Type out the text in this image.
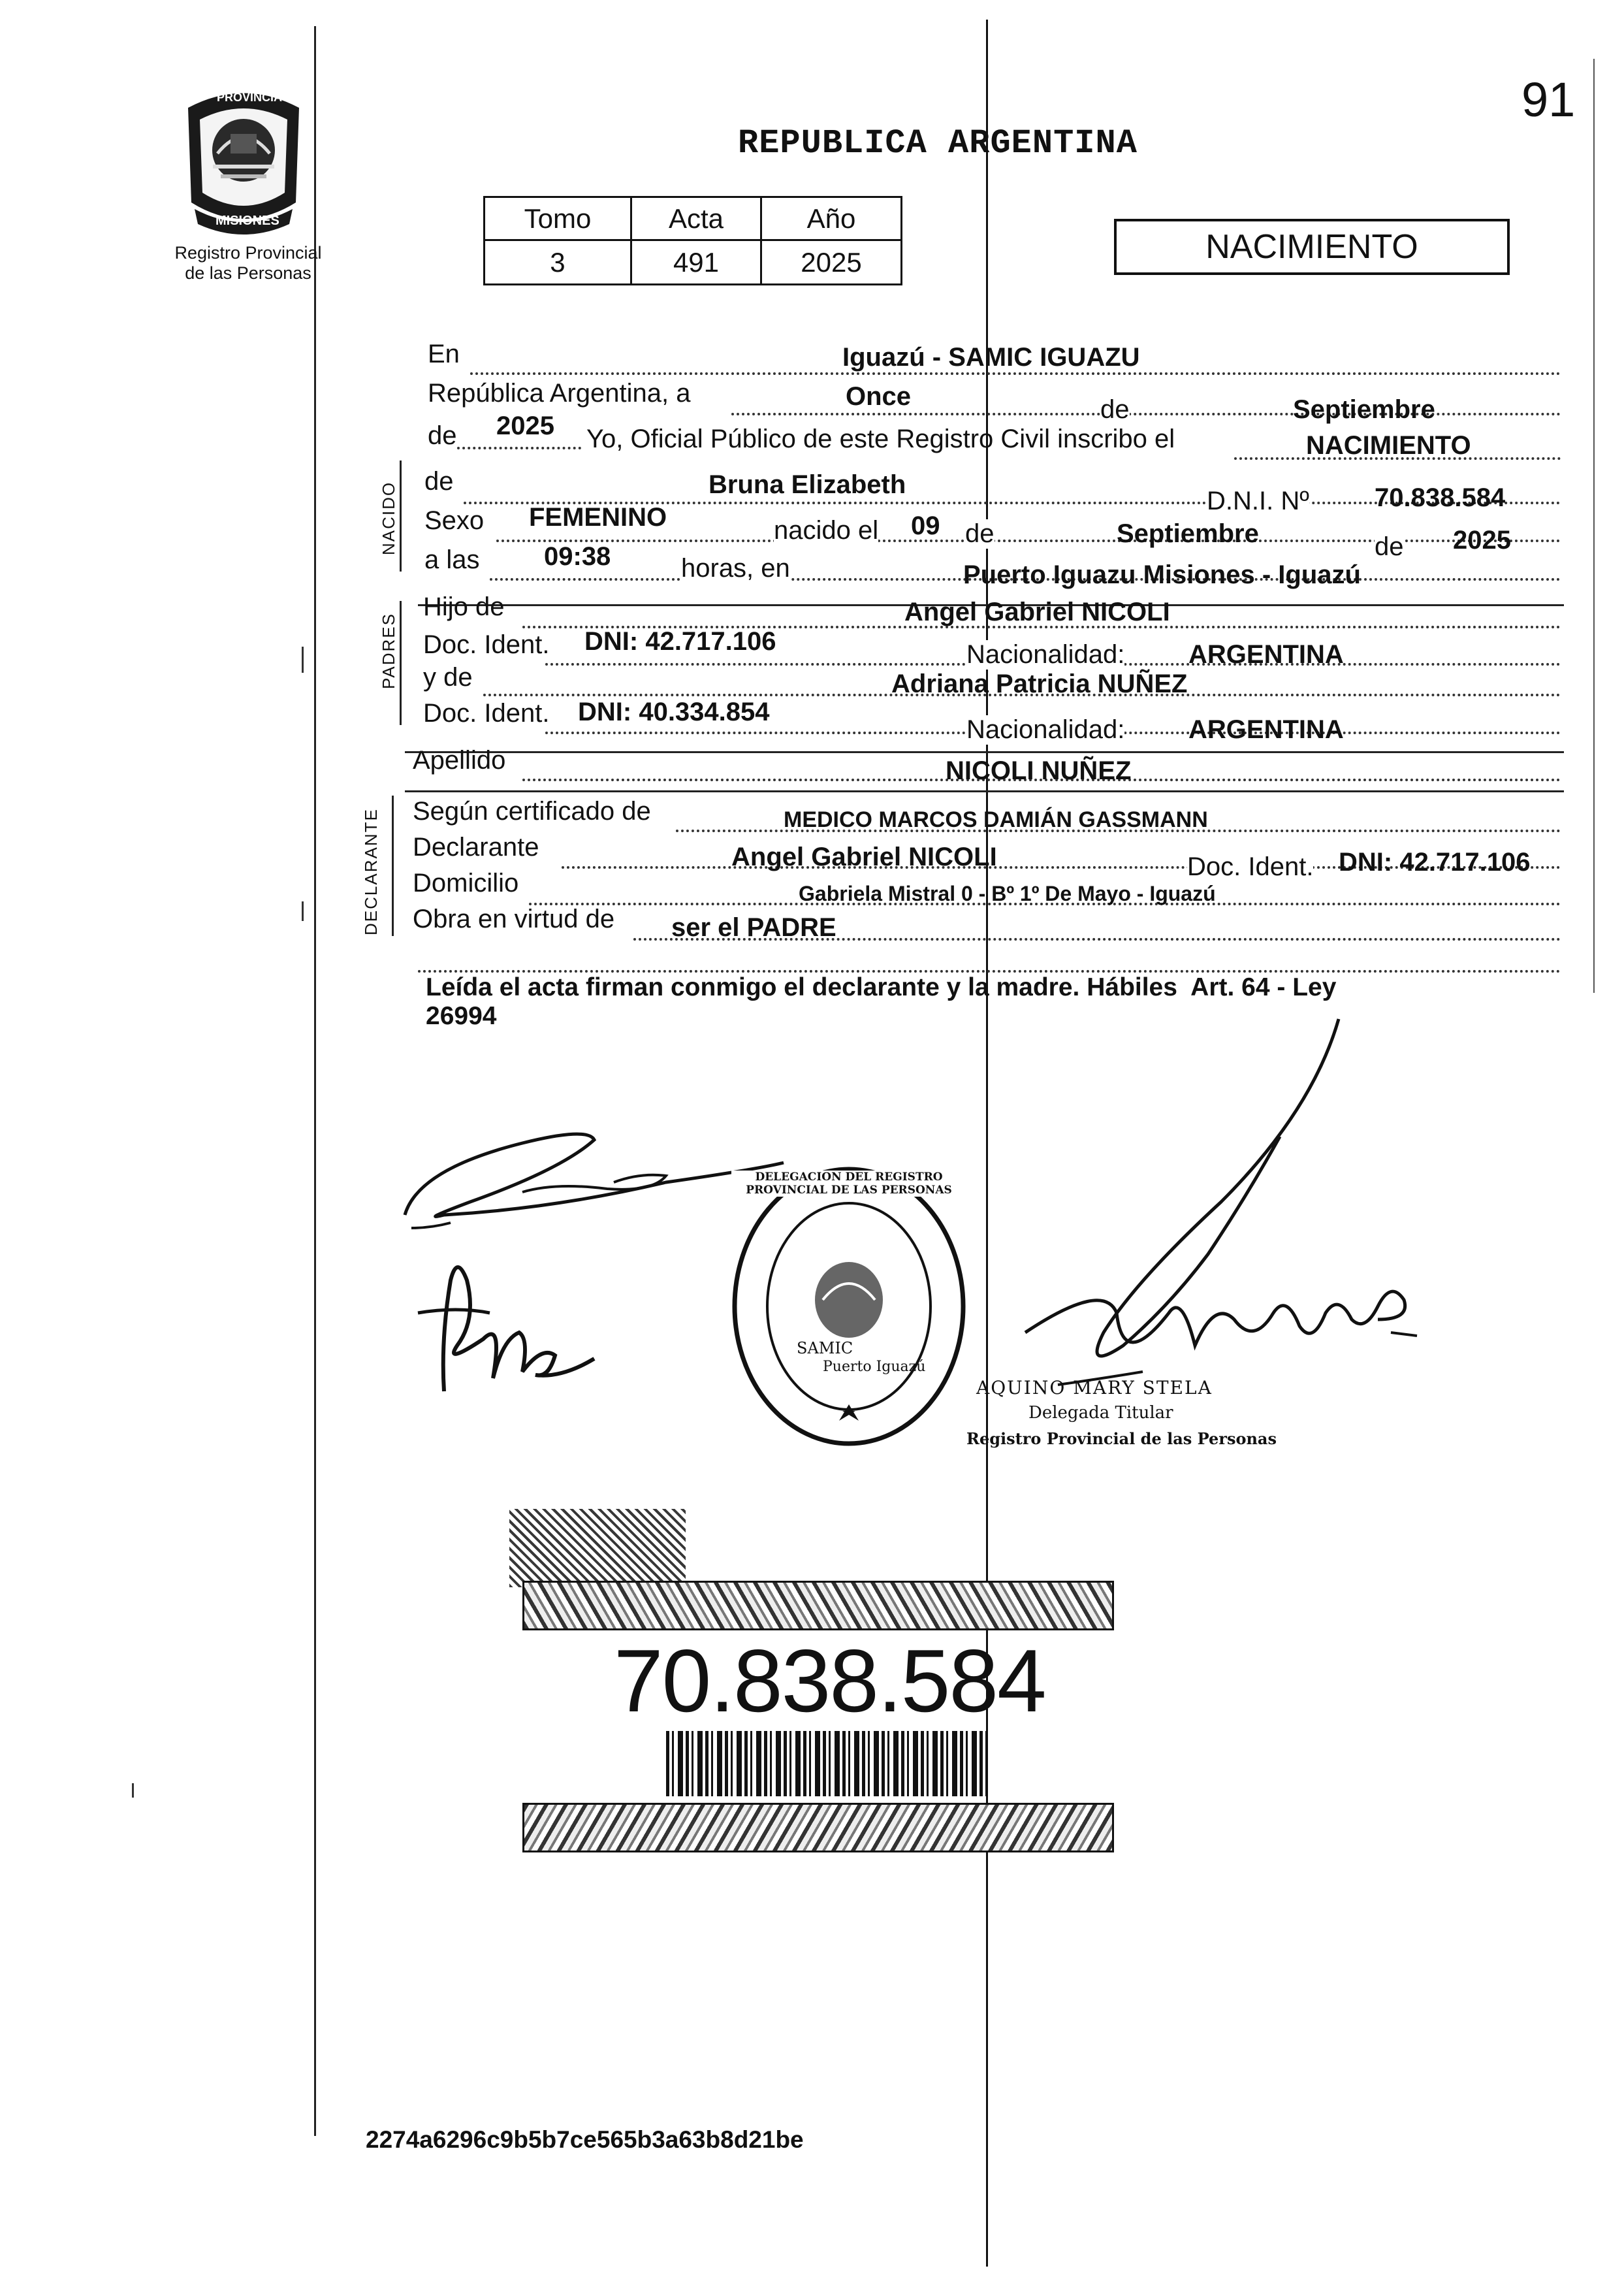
91
PROVINCIA DE
MISIONES
Registro Provincial
de las Personas
REPUBLICA ARGENTINA
Tomo	Acta	Año
3	491	2025	NACIMIENTO
En	Iguazú - SAMIC IGUAZU
República Argentina, a	Once	de	Septiembre
de 2025 Yo, Oficial Público de este Registro Civil inscribo el	NACIMIENTO
NACIDO de	Bruna Elizabeth
D.N.I. Nº	70.838.584
Sexo FEMENINO	nacido el 09 de	Septiembre	de 2025
a las 09:38	horas, en	Puerto Iguazu Misiones - Iguazú
PADRES
Hijo de	Angel Gabriel NICOLI
Doc. Ident. DNI: 42.717.106	Nacionalidad: ARGENTINA
y de	Adriana Patricia NUÑEZ
Doc. Ident. DNI: 40.334.854
Nacionalidad: ARGENTINA
Apellido	NICOLI NUÑEZ
DECLARANTE Según certificado de	MEDICO MARCOS DAMIÁN GASSMANN
Declarante	Angel Gabriel NICOLI	Doc. Ident. DNI: 42.717.106
Domicilio	Gabriela Mistral 0 - Bº 1º De Mayo - Iguazú
Obra en virtud de ser el PADRE
Leída el acta firman conmigo el declarante y la madre. Hábiles  Art. 64 - Ley
26994
DELEGACION DEL REGISTRO PROVINCIAL DE LAS PERSONAS
SAMIC
Puerto Iguazú
AQUINO MARY STELA
Delegada Titular
Registro Provincial de las Personas
70.838.584
2274a6296c9b5b7ce565b3a63b8d21be
